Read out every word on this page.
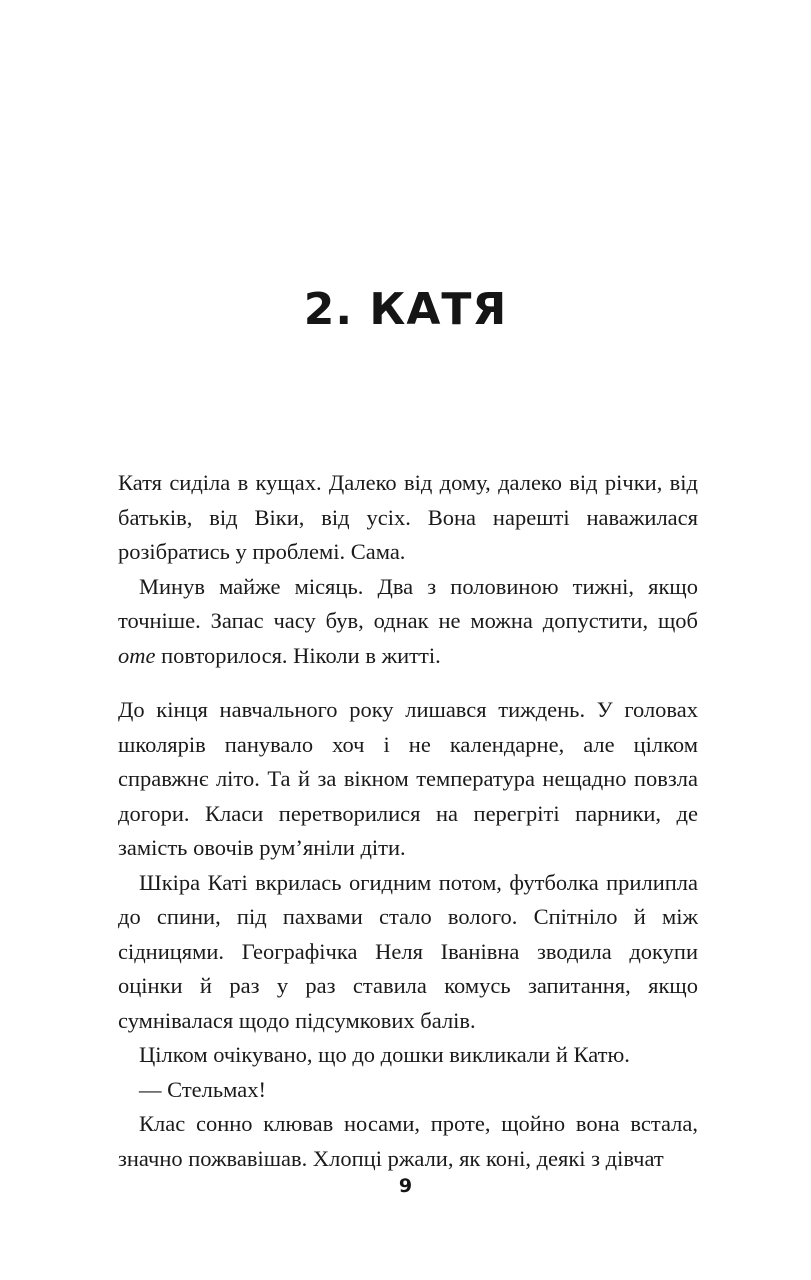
2. КАТЯ

Катя сиділа в кущах. Далеко від дому, далеко від річки, від батьків, від Віки, від усіх. Вона нарешті наважилася розібратись у проблемі. Сама.

Минув майже місяць. Два з половиною тижні, якщо точніше. Запас часу був, однак не можна допустити, щоб оте повторилося. Ніколи в житті.

До кінця навчального року лишався тиждень. У головах школярів панувало хоч і не календарне, але цілком справжнє літо. Та й за вікном температура нещадно повзла догори. Класи перетворилися на перегріті парники, де замість овочів рум’яніли діти.

Шкіра Каті вкрилась огидним потом, футболка прилипла до спини, під пахвами стало волого. Спітніло й між сідницями. Географічка Неля Іванівна зводила докупи оцінки й раз у раз ставила комусь запитання, якщо сумнівалася щодо підсумкових балів.

Цілком очікувано, що до дошки викликали й Катю.

— Стельмах!

Клас сонно клював носами, проте, щойно вона встала, значно пожвавішав. Хлопці ржали, як коні, деякі з дівчат

9
